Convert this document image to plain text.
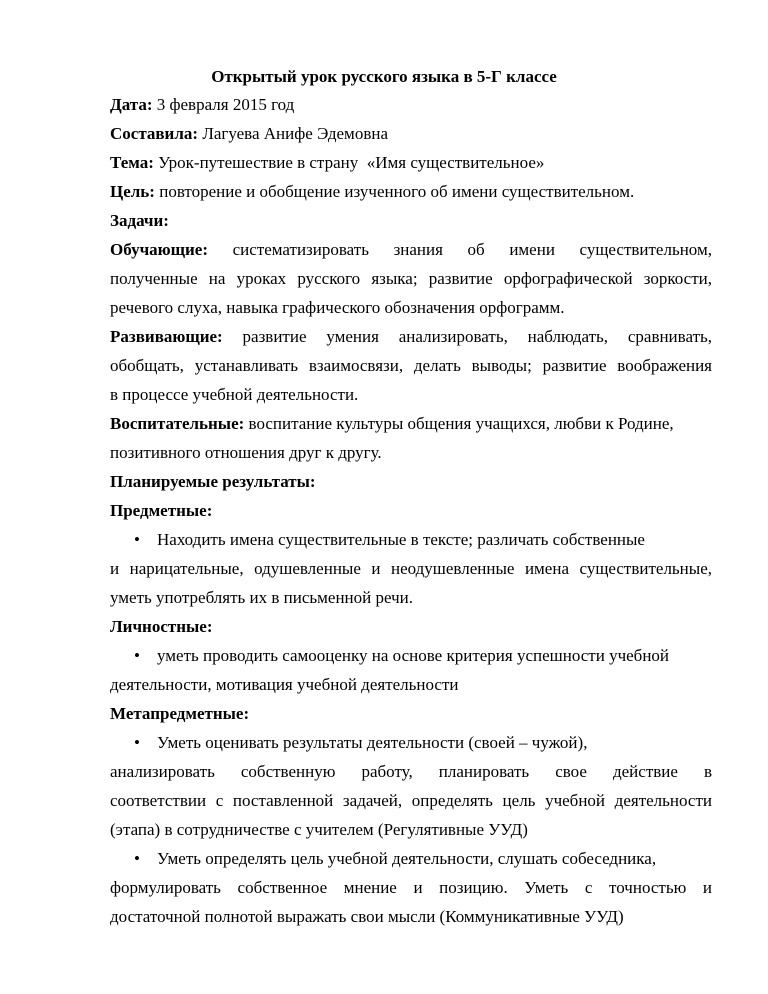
Открытый урок русского языка в 5-Г классе
Дата: 3 февраля 2015 год
Составила: Лагуева Анифе Эдемовна
Тема: Урок-путешествие в страну  «Имя существительное»
Цель: повторение и обобщение изученного об имени существительном.
Задачи:
Обучающие: систематизировать знания об имени существительном,
полученные на уроках русского языка; развитие орфографической зоркости,
речевого слуха, навыка графического обозначения орфограмм.
Развивающие: развитие умения анализировать, наблюдать, сравнивать,
обобщать, устанавливать взаимосвязи, делать выводы; развитие воображения
в процессе учебной деятельности.
Воспитательные: воспитание культуры общения учащихся, любви к Родине,
позитивного отношения друг к другу.
Планируемые результаты:
Предметные:
• Находить имена существительные в тексте; различать собственные
и нарицательные, одушевленные и неодушевленные имена существительные,
уметь употреблять их в письменной речи.
Личностные:
• уметь проводить самооценку на основе критерия успешности учебной
деятельности, мотивация учебной деятельности
Метапредметные:
• Уметь оценивать результаты деятельности (своей – чужой),
анализировать собственную работу, планировать свое действие в
соответствии с поставленной задачей, определять цель учебной деятельности
(этапа) в сотрудничестве с учителем (Регулятивные УУД)
• Уметь определять цель учебной деятельности, слушать собеседника,
формулировать собственное мнение и позицию. Уметь с точностью и
достаточной полнотой выражать свои мысли (Коммуникативные УУД)
